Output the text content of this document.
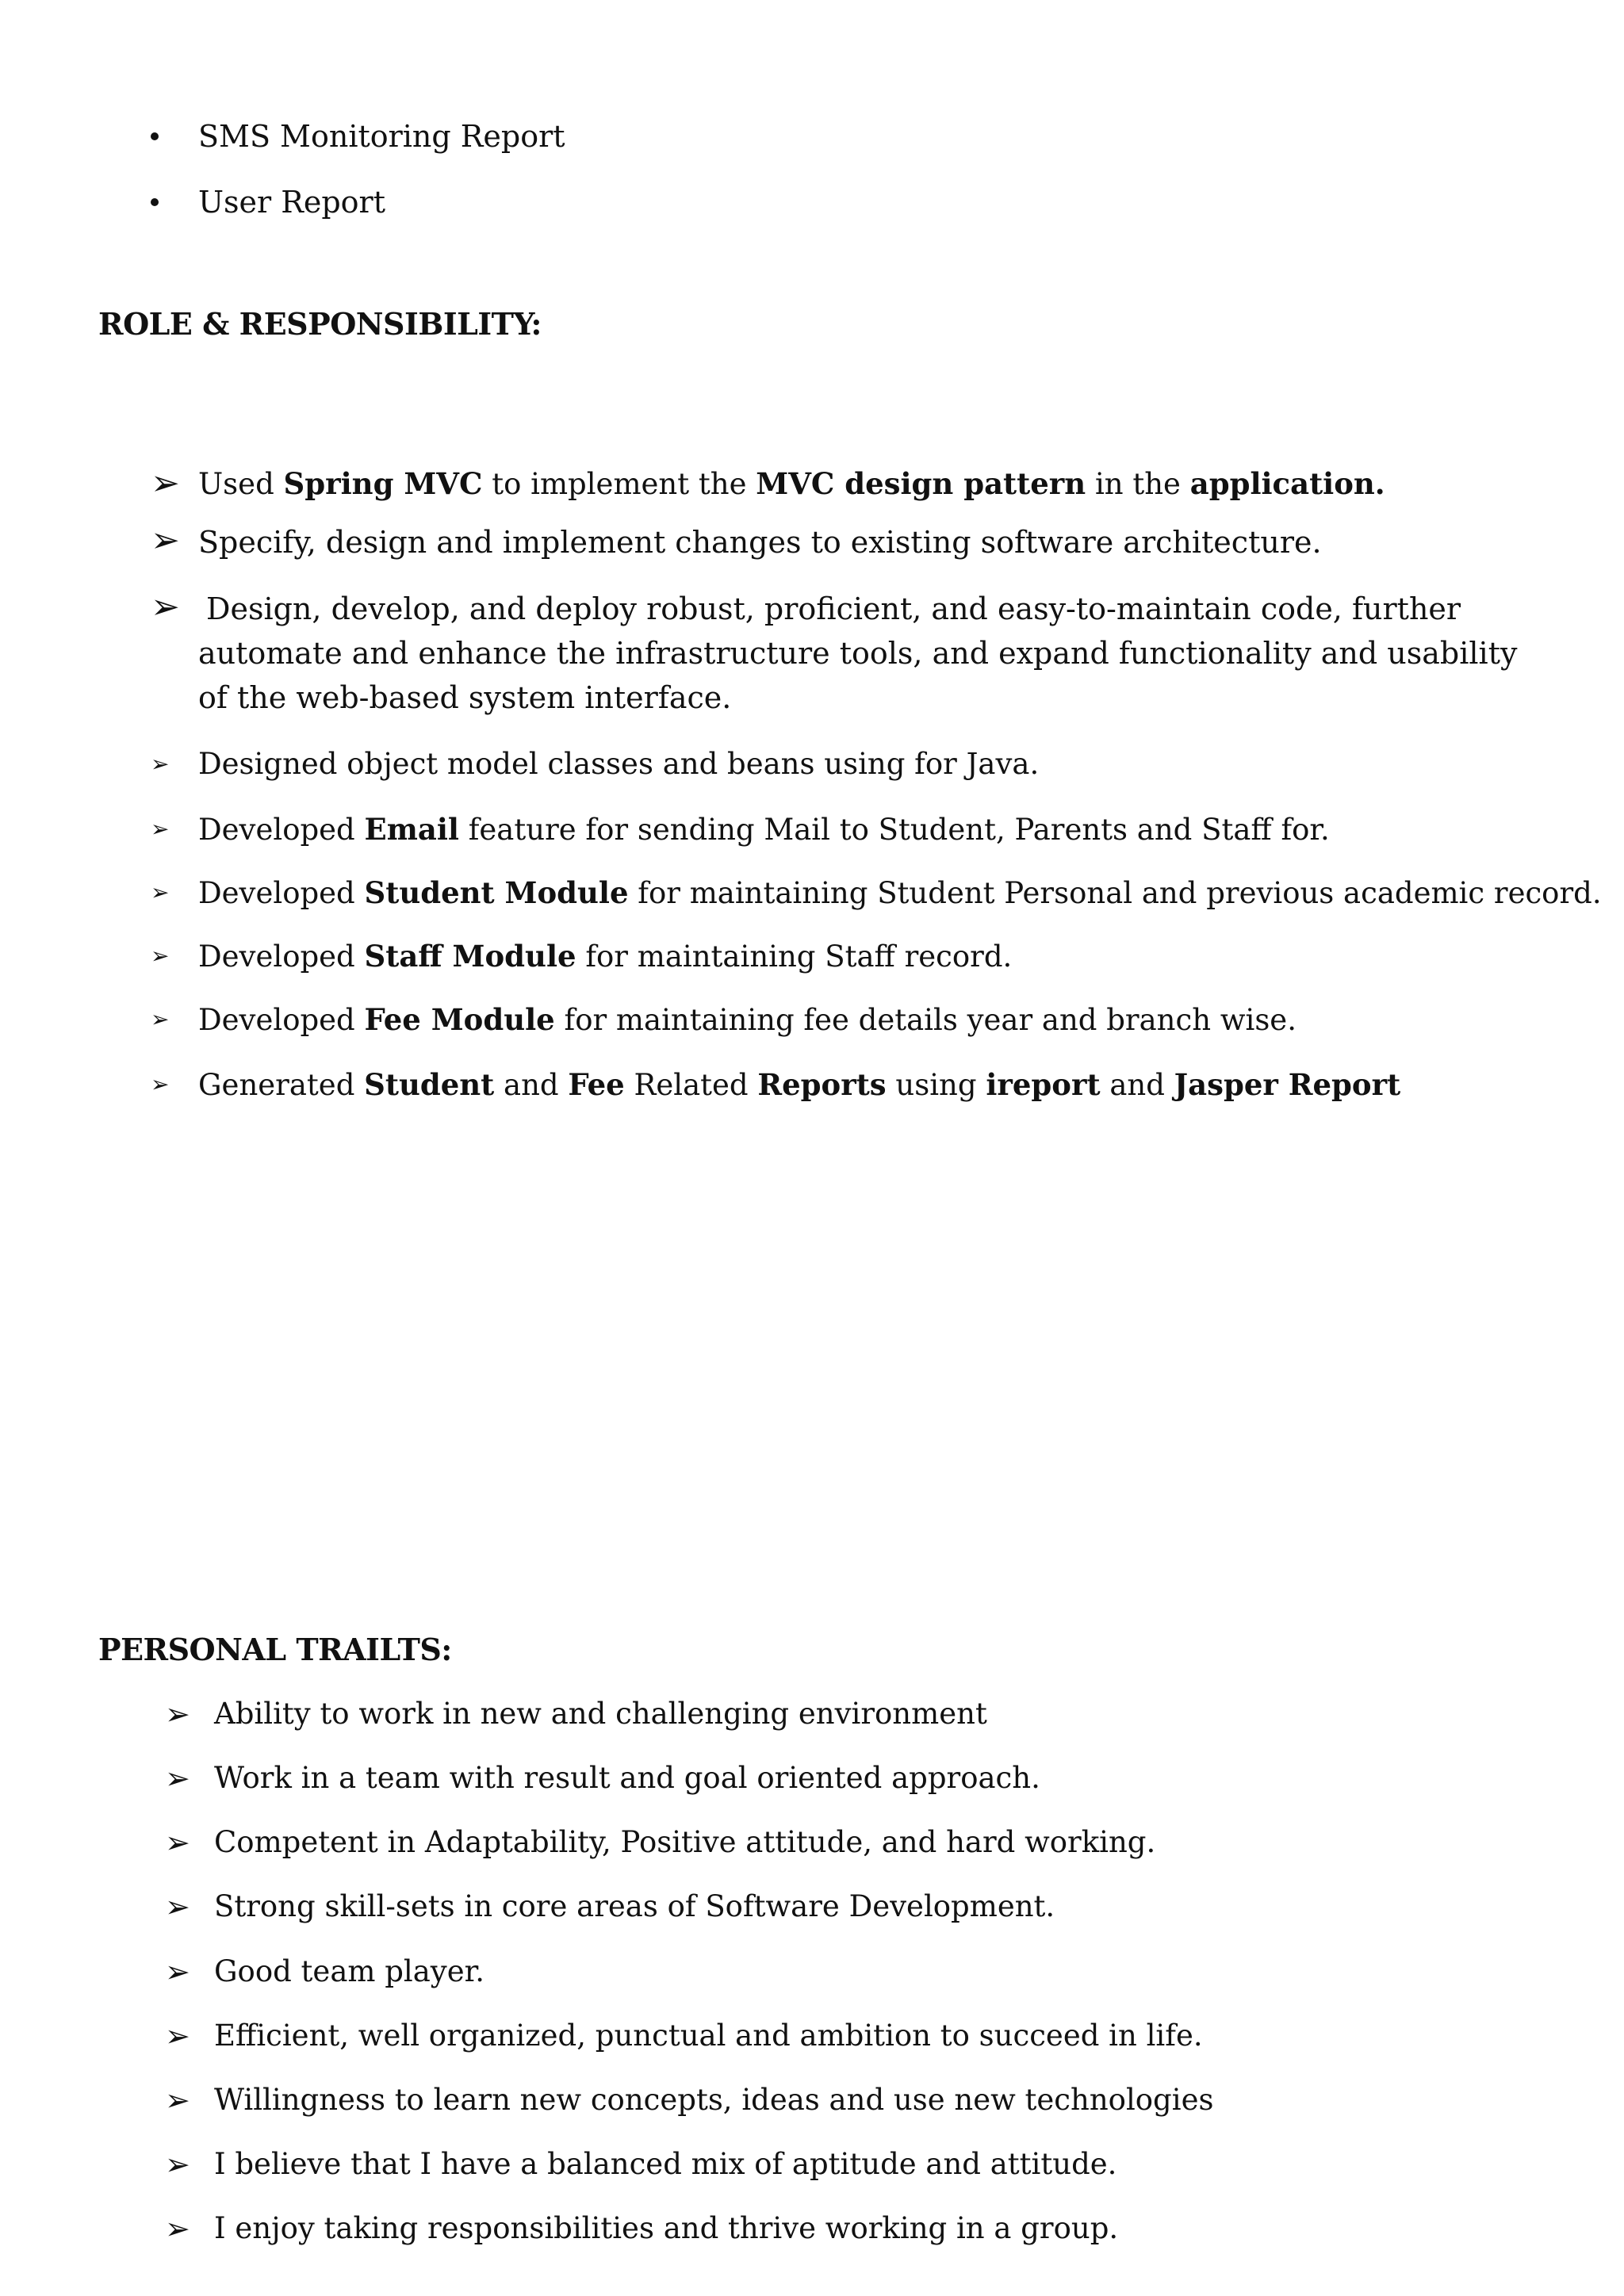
SMS Monitoring Report
User Report
ROLE & RESPONSIBILITY:
➢ Used Spring MVC to implement the MVC design pattern in the application.
➢ Specify, design and implement changes to existing software architecture.
➢ Design, develop, and deploy robust, proficient, and easy-to-maintain code, further automate and enhance the infrastructure tools, and expand functionality and usability of the web-based system interface.
➢ Designed object model classes and beans using for Java.
➢ Developed Email feature for sending Mail to Student, Parents and Staff for.
➢ Developed Student Module for maintaining Student Personal and previous academic record.
➢ Developed Staff Module for maintaining Staff record.
➢ Developed Fee Module for maintaining fee details year and branch wise.
➢ Generated Student and Fee Related Reports using ireport and Jasper Report
PERSONAL TRAILTS:
➢ Ability to work in new and challenging environment
➢ Work in a team with result and goal oriented approach.
➢ Competent in Adaptability, Positive attitude, and hard working.
➢ Strong skill-sets in core areas of Software Development.
➢ Good team player.
➢ Efficient, well organized, punctual and ambition to succeed in life.
➢ Willingness to learn new concepts, ideas and use new technologies
➢ I believe that I have a balanced mix of aptitude and attitude.
➢ I enjoy taking responsibilities and thrive working in a group.
